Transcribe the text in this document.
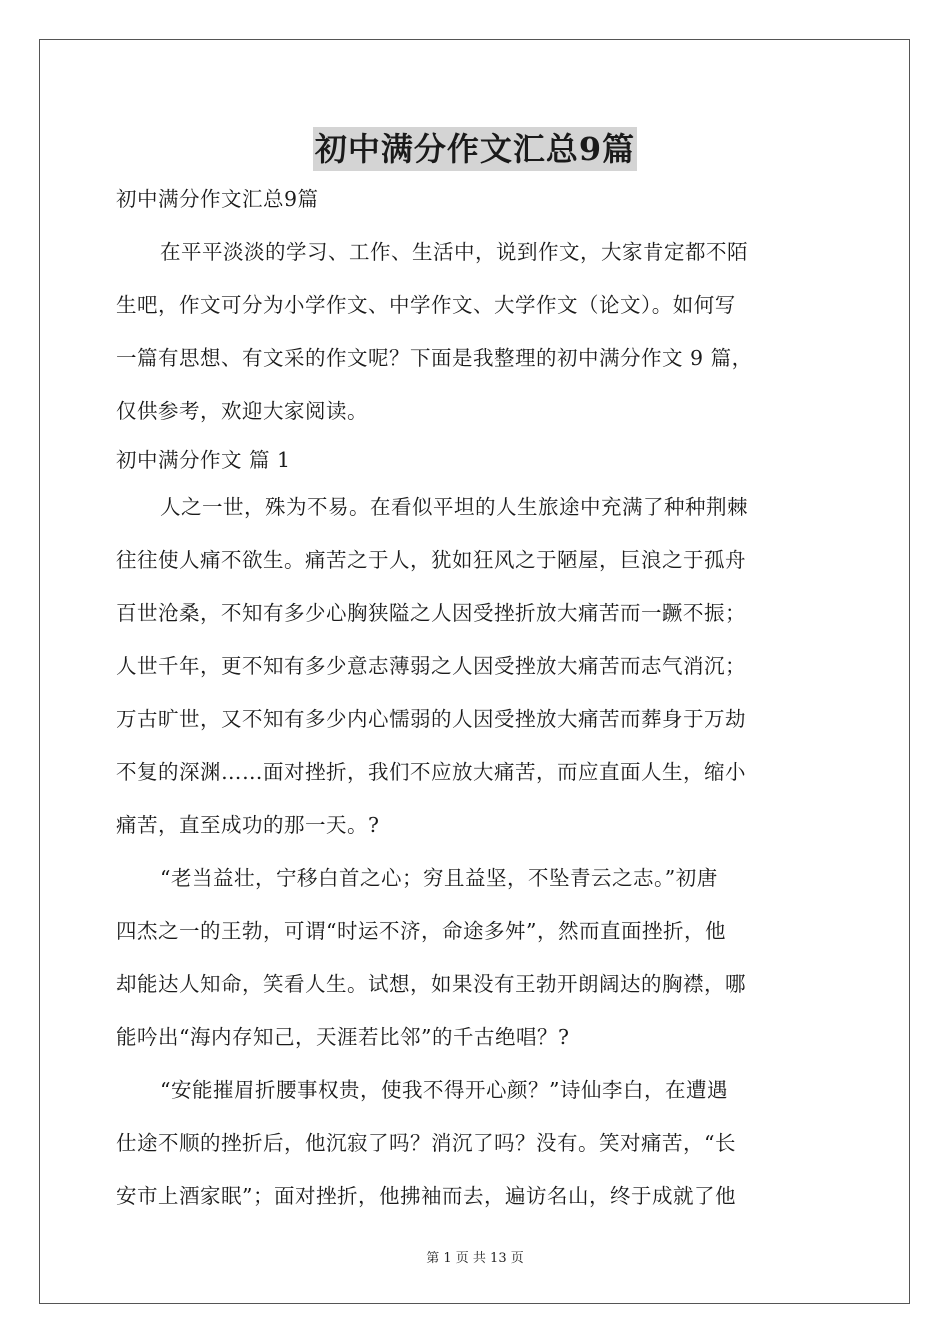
初中满分作文汇总9篇
初中满分作文汇总9篇
在平平淡淡的学习、工作、生活中，说到作文，大家肯定都不陌
生吧，作文可分为小学作文、中学作文、大学作文（论文）。如何写
一篇有思想、有文采的作文呢？下面是我整理的初中满分作文 9 篇，
仅供参考，欢迎大家阅读。
初中满分作文 篇 1
人之一世，殊为不易。在看似平坦的人生旅途中充满了种种荆棘
往往使人痛不欲生。痛苦之于人，犹如狂风之于陋屋，巨浪之于孤舟
百世沧桑，不知有多少心胸狭隘之人因受挫折放大痛苦而一蹶不振；
人世千年，更不知有多少意志薄弱之人因受挫放大痛苦而志气消沉；
万古旷世，又不知有多少内心懦弱的人因受挫放大痛苦而葬身于万劫
不复的深渊……面对挫折，我们不应放大痛苦，而应直面人生，缩小
痛苦，直至成功的那一天。?
“老当益壮，宁移白首之心；穷且益坚，不坠青云之志。”初唐
四杰之一的王勃，可谓“时运不济，命途多舛”，然而直面挫折，他
却能达人知命，笑看人生。试想，如果没有王勃开朗阔达的胸襟，哪
能吟出“海内存知己，天涯若比邻”的千古绝唱？?
“安能摧眉折腰事权贵，使我不得开心颜？”诗仙李白，在遭遇
仕途不顺的挫折后，他沉寂了吗？消沉了吗？没有。笑对痛苦，“长
安市上酒家眠”；面对挫折，他拂袖而去，遍访名山，终于成就了他
第 1 页 共 13 页
